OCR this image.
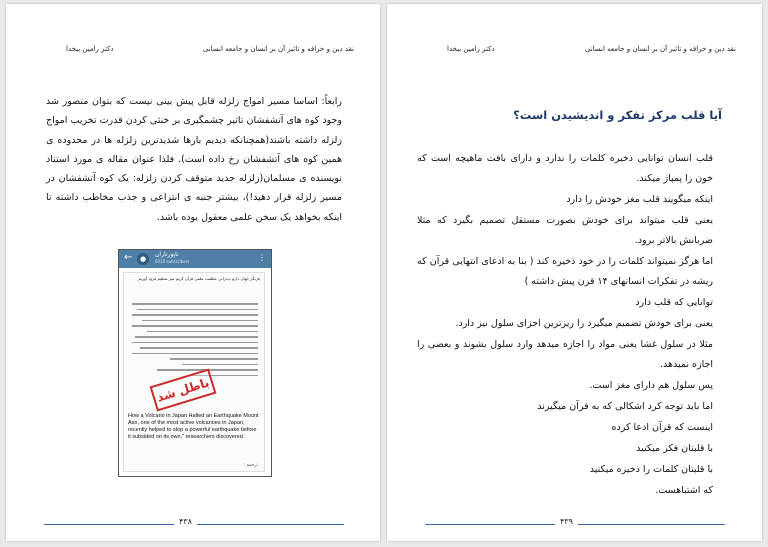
نقد دین و خرافه و تاثیر آن بر انسان و جامعه انسانی
دکتر رامین بیخدا

رابعاً: اساسا مسیر امواج زلزله قابل پیش بینی نیست که بتوان متصور شد وجود کوه های آتشفشان تاثیر چشمگیری بر خنثی کردن قدرت تخریب امواج زلزله داشته باشند(همچنانکه دیدیم بارها شدیدترین زلزله ها در محدوده ی همین کوه های آتشفشان رخ داده است). فلذا عنوان مقاله ی مورد استناد نویسنده ی مسلمان(زلزله جدید متوقف کردن زلزله: یک کوه آتشفشان در مسیر زلزله قرار دهید!)، بیشتر جنبه ی انتزاعی و جذب مخاطب داشته تا اینکه بخواهد یک سخن علمی معقول بوده باشد.

←	●
ناپورتاران
6010 subscribers	⋮
بازنگر جهان دارم دیدرانی عظمت علمی قرآن کریم سر تعظیم فرود آوریم
باطل شد
How a Volcano in Japan Halted an Earthquake Mount Aso, one of the most active volcanoes in Japan, recently helped to stop a powerful earthquake before it subsided on its own," researchers discovered.
ترجمه :
۴۳۸
نقد دین و خرافه و تاثیر آن بر انسان و جامعه انسانی
دکتر رامین بیخدا
آیا قلب مرکز تفکر و اندیشیدن است؟

قلب انسان توانایی ذخیره کلمات را ندارد و دارای بافت ماهیچه است که خون را پمپاژ میکند.

اینکه میگویند قلب مغز خودش را دارد

یعنی قلب میتواند برای خودش بصورت مستقل تصمیم بگیرد که مثلا ضربانش بالاتر برود.

اما هرگز نمیتواند کلمات را در خود ذخیره کند ( بنا به ادعای انتهایی قرآن که ریشه در تفکرات انسانهای ۱۴ قرن پیش داشته )

توانایی که قلب دارد

یعنی برای خودش تصمیم میگیرد را ریزترین اجزای سلول نیز دارد.

مثلا در سلول غشا یعنی مواد را اجازه میدهد وارد سلول بشوند و بعضی را اجازه نمیدهد.

پس سلول هم دارای مغز است.

اما باید توجه کرد اشکالی که به قرآن میگیرند

اینست که قرآن ادعا کرده

با قلبتان فکر میکنید

با قلبتان کلمات را ذخیره میکنید

که اشتباهست.

۴۳۹
